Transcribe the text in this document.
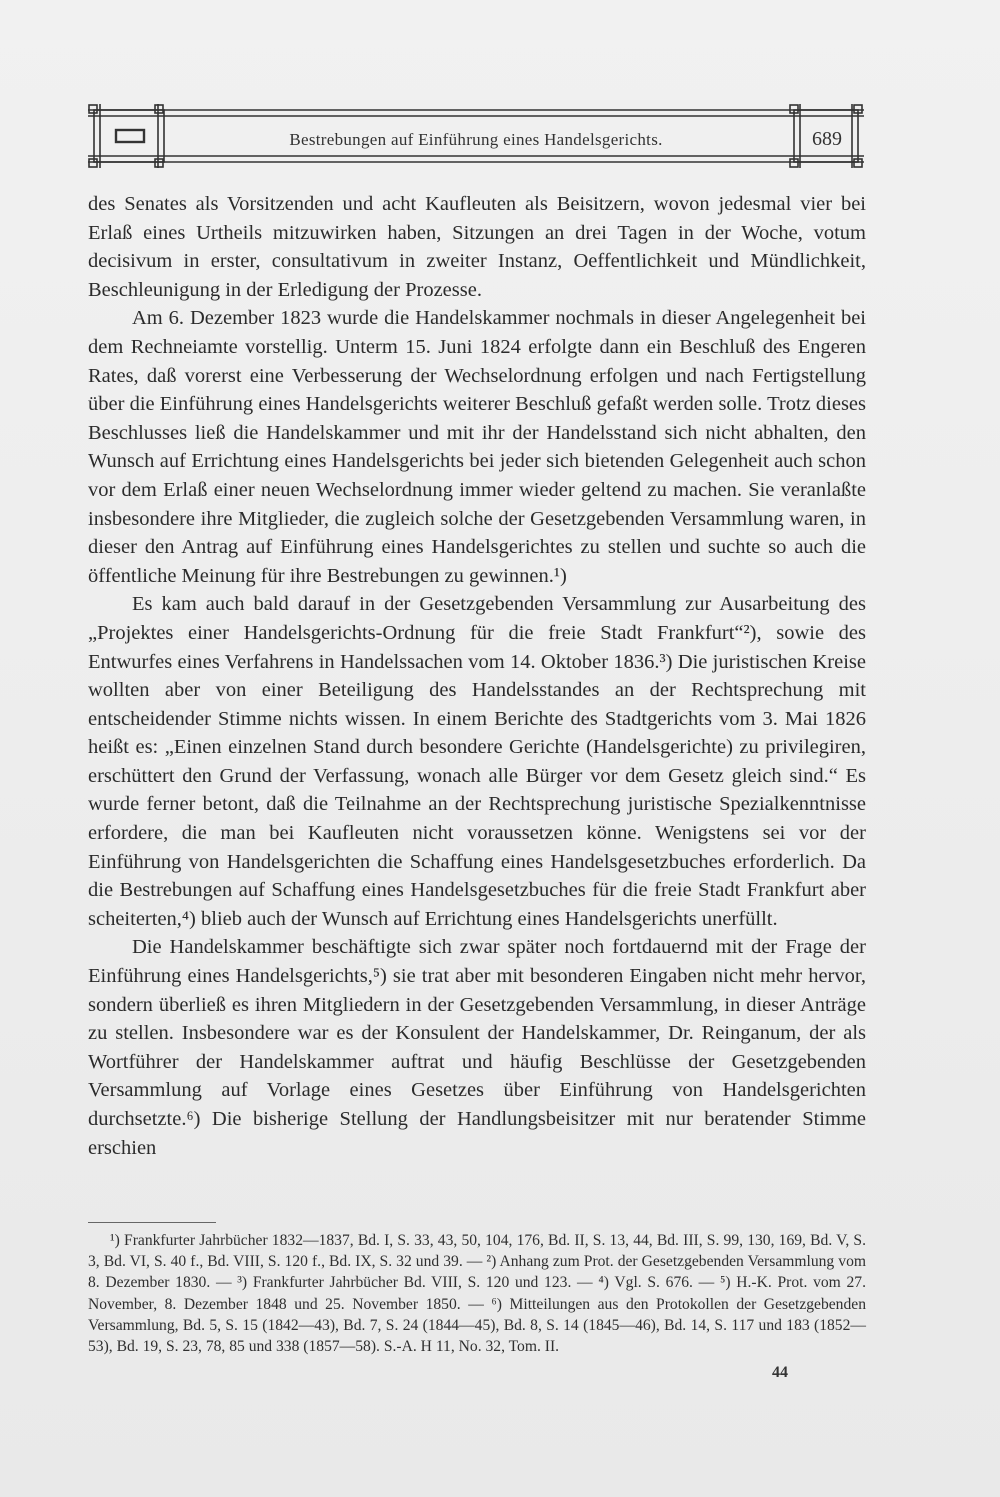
Bestrebungen auf Einführung eines Handelsgerichts.	689

des Senates als Vorsitzenden und acht Kaufleuten als Beisitzern, wovon jedesmal vier bei Erlaß eines Urtheils mitzuwirken haben, Sitzungen an drei Tagen in der Woche, votum decisivum in erster, consultativum in zweiter Instanz, Oeffentlichkeit und Mündlichkeit, Beschleunigung in der Erledigung der Prozesse.

Am 6. Dezember 1823 wurde die Handelskammer nochmals in dieser Angelegenheit bei dem Rechneiamte vorstellig. Unterm 15. Juni 1824 erfolgte dann ein Beschluß des Engeren Rates, daß vorerst eine Verbesserung der Wechselordnung erfolgen und nach Fertigstellung über die Einführung eines Handelsgerichts weiterer Beschluß gefaßt werden solle. Trotz dieses Beschlusses ließ die Handelskammer und mit ihr der Handelsstand sich nicht abhalten, den Wunsch auf Errichtung eines Handelsgerichts bei jeder sich bietenden Gelegenheit auch schon vor dem Erlaß einer neuen Wechselordnung immer wieder geltend zu machen. Sie veranlaßte insbesondere ihre Mitglieder, die zugleich solche der Gesetzgebenden Versammlung waren, in dieser den Antrag auf Einführung eines Handelsgerichtes zu stellen und suchte so auch die öffentliche Meinung für ihre Bestrebungen zu gewinnen.¹)

Es kam auch bald darauf in der Gesetzgebenden Versammlung zur Ausarbeitung des „Projektes einer Handelsgerichts-Ordnung für die freie Stadt Frankfurt“²), sowie des Entwurfes eines Verfahrens in Handelssachen vom 14. Oktober 1836.³) Die juristischen Kreise wollten aber von einer Beteiligung des Handelsstandes an der Rechtsprechung mit entscheidender Stimme nichts wissen. In einem Berichte des Stadtgerichts vom 3. Mai 1826 heißt es: „Einen einzelnen Stand durch besondere Gerichte (Handelsgerichte) zu privilegiren, erschüttert den Grund der Verfassung, wonach alle Bürger vor dem Gesetz gleich sind.“ Es wurde ferner betont, daß die Teilnahme an der Rechtsprechung juristische Spezialkenntnisse erfordere, die man bei Kaufleuten nicht voraussetzen könne. Wenigstens sei vor der Einführung von Handelsgerichten die Schaffung eines Handelsgesetzbuches erforderlich. Da die Bestrebungen auf Schaffung eines Handelsgesetzbuches für die freie Stadt Frankfurt aber scheiterten,⁴) blieb auch der Wunsch auf Errichtung eines Handelsgerichts unerfüllt.

Die Handelskammer beschäftigte sich zwar später noch fortdauernd mit der Frage der Einführung eines Handelsgerichts,⁵) sie trat aber mit besonderen Eingaben nicht mehr hervor, sondern überließ es ihren Mitgliedern in der Gesetzgebenden Versammlung, in dieser Anträge zu stellen. Insbesondere war es der Konsulent der Handelskammer, Dr. Reinganum, der als Wortführer der Handelskammer auftrat und häufig Beschlüsse der Gesetzgebenden Versammlung auf Vorlage eines Gesetzes über Einführung von Handelsgerichten durchsetzte.⁶) Die bisherige Stellung der Handlungsbeisitzer mit nur beratender Stimme erschien

¹) Frankfurter Jahrbücher 1832—1837, Bd. I, S. 33, 43, 50, 104, 176, Bd. II, S. 13, 44, Bd. III, S. 99, 130, 169, Bd. V, S. 3, Bd. VI, S. 40 f., Bd. VIII, S. 120 f., Bd. IX, S. 32 und 39. — ²) Anhang zum Prot. der Gesetzgebenden Versammlung vom 8. Dezember 1830. — ³) Frankfurter Jahrbücher Bd. VIII, S. 120 und 123. — ⁴) Vgl. S. 676. — ⁵) H.-K. Prot. vom 27. November, 8. Dezember 1848 und 25. November 1850. — ⁶) Mitteilungen aus den Protokollen der Gesetzgebenden Versammlung, Bd. 5, S. 15 (1842—43), Bd. 7, S. 24 (1844—45), Bd. 8, S. 14 (1845—46), Bd. 14, S. 117 und 183 (1852—53), Bd. 19, S. 23, 78, 85 und 338 (1857—58). S.-A. H 11, No. 32, Tom. II.

44
